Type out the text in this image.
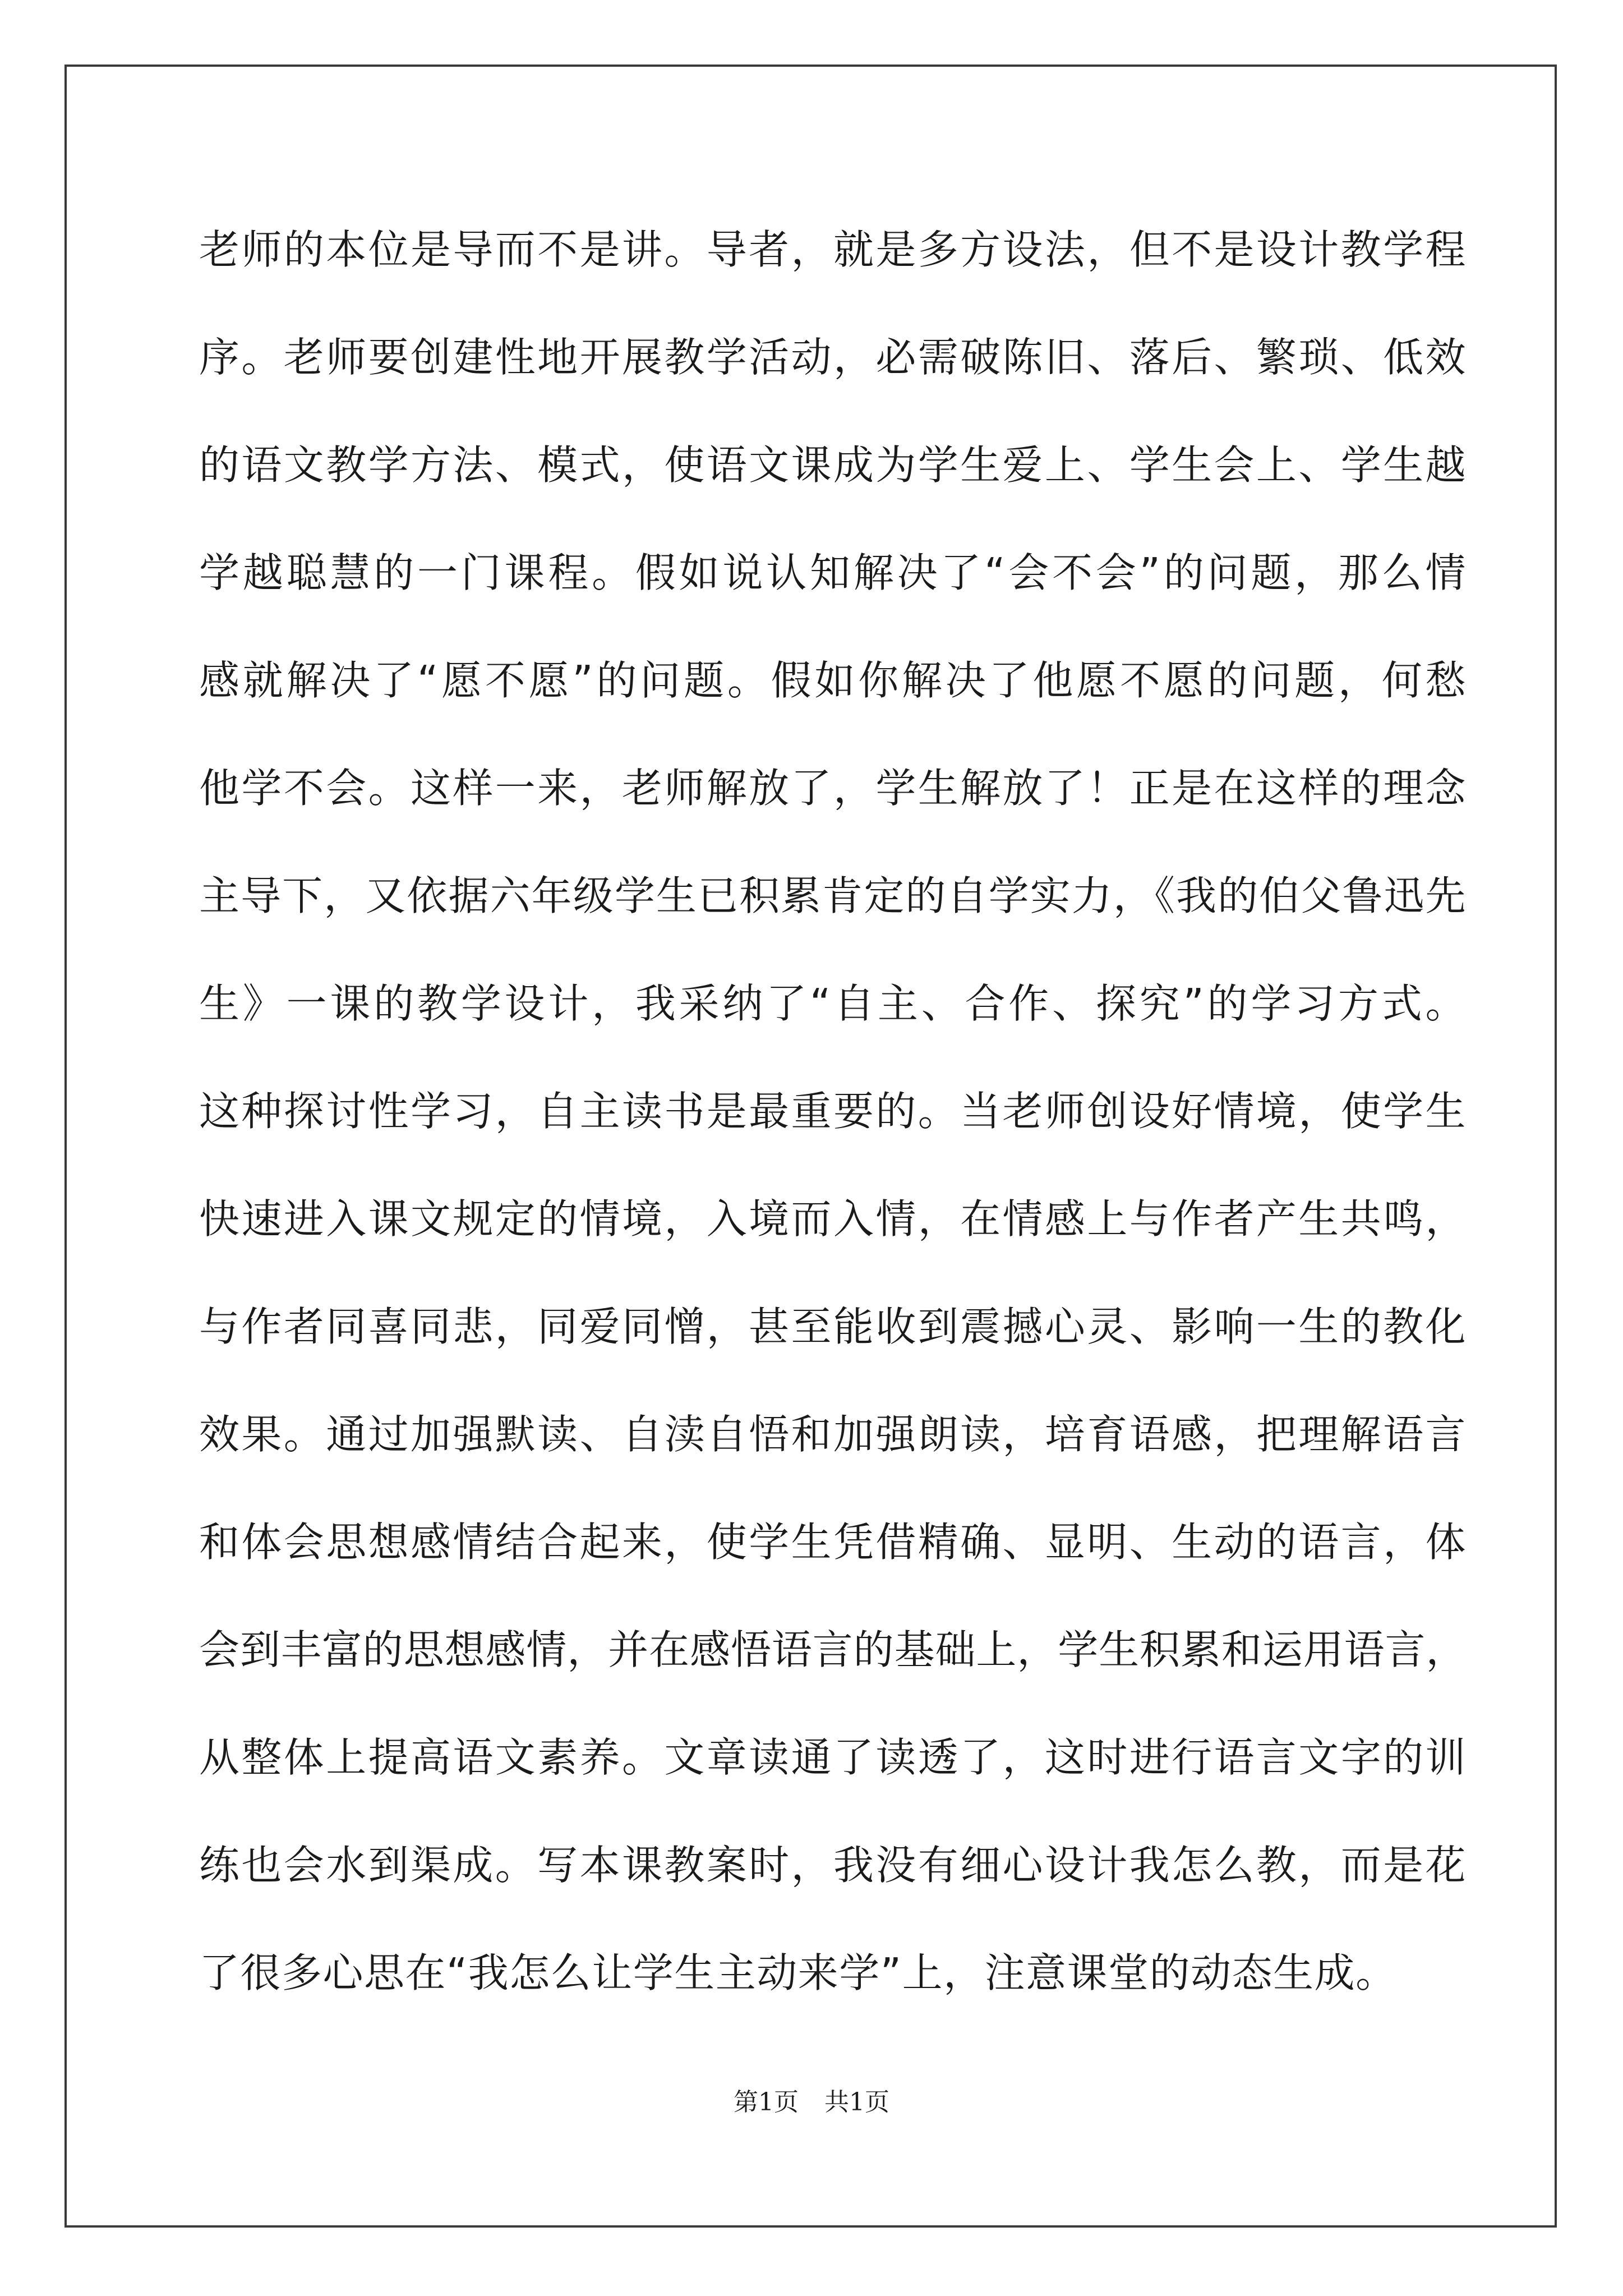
老师的本位是导而不是讲。导者，就是多方设法，但不是设计教学程
序。老师要创建性地开展教学活动，必需破陈旧、落后、繁琐、低效
的语文教学方法、模式，使语文课成为学生爱上、学生会上、学生越
学越聪慧的一门课程。假如说认知解决了“会不会”的问题，那么情
感就解决了“愿不愿”的问题。假如你解决了他愿不愿的问题，何愁
他学不会。这样一来，老师解放了，学生解放了！正是在这样的理念
主导下，又依据六年级学生已积累肯定的自学实力，《我的伯父鲁迅先
生》一课的教学设计，我采纳了“自主、合作、探究”的学习方式。
这种探讨性学习，自主读书是最重要的。当老师创设好情境，使学生
快速进入课文规定的情境，入境而入情，在情感上与作者产生共鸣，
与作者同喜同悲，同爱同憎，甚至能收到震撼心灵、影响一生的教化
效果。通过加强默读、自渎自悟和加强朗读，培育语感，把理解语言
和体会思想感情结合起来，使学生凭借精确、显明、生动的语言，体
会到丰富的思想感情，并在感悟语言的基础上，学生积累和运用语言，
从整体上提高语文素养。文章读通了读透了，这时进行语言文字的训
练也会水到渠成。写本课教案时，我没有细心设计我怎么教，而是花
了很多心思在“我怎么让学生主动来学”上，注意课堂的动态生成。
第1页 共1页
